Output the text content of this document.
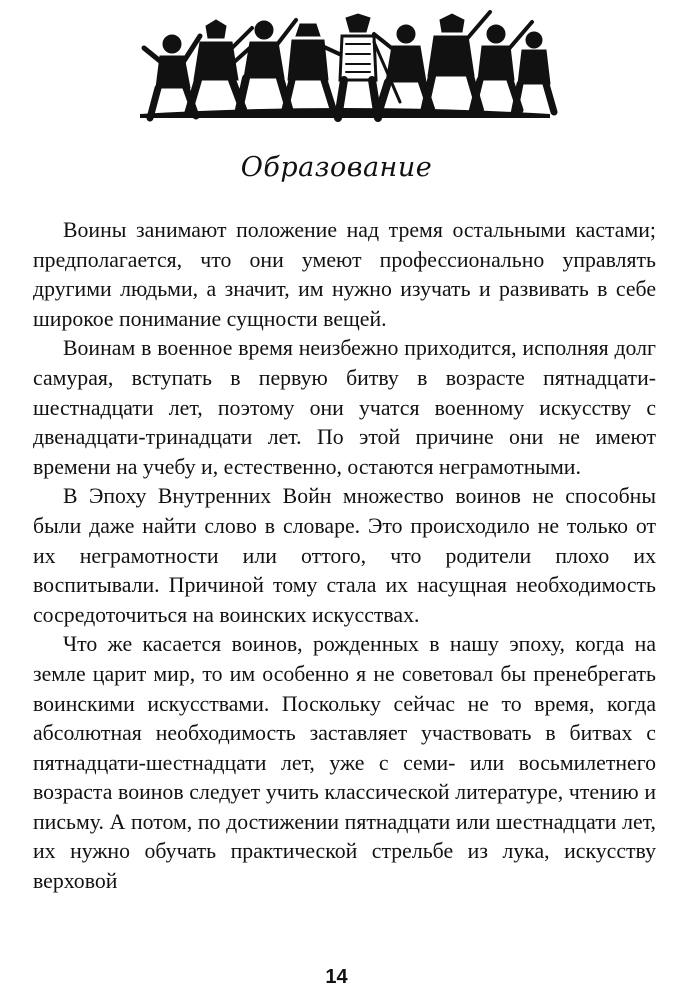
Образование

Воины занимают положение над тремя остальными кастами; предполагается, что они умеют профессионально управлять другими людьми, а значит, им нужно изучать и развивать в себе широкое понимание сущности вещей.

Воинам в военное время неизбежно приходится, исполняя долг самурая, вступать в первую битву в возрасте пятнадцати-шестнадцати лет, поэтому они учатся военному искусству с двенадцати-тринадцати лет. По этой причине они не имеют времени на учебу и, естественно, остаются неграмотными.

В Эпоху Внутренних Войн множество воинов не способны были даже найти слово в словаре. Это происходило не только от их неграмотности или оттого, что родители плохо их воспитывали. Причиной тому стала их насущная необходимость сосредоточиться на воинских искусствах.

Что же касается воинов, рожденных в нашу эпоху, когда на земле царит мир, то им особенно я не советовал бы пренебрегать воинскими искусствами. Поскольку сейчас не то время, когда абсолютная необходимость заставляет участвовать в битвах с пятнадцати-шестнадцати лет, уже с семи- или восьмилетнего возраста воинов следует учить классической литературе, чтению и письму. А потом, по достижении пятнадцати или шестнадцати лет, их нужно обучать практической стрельбе из лука, искусству верховой

14
